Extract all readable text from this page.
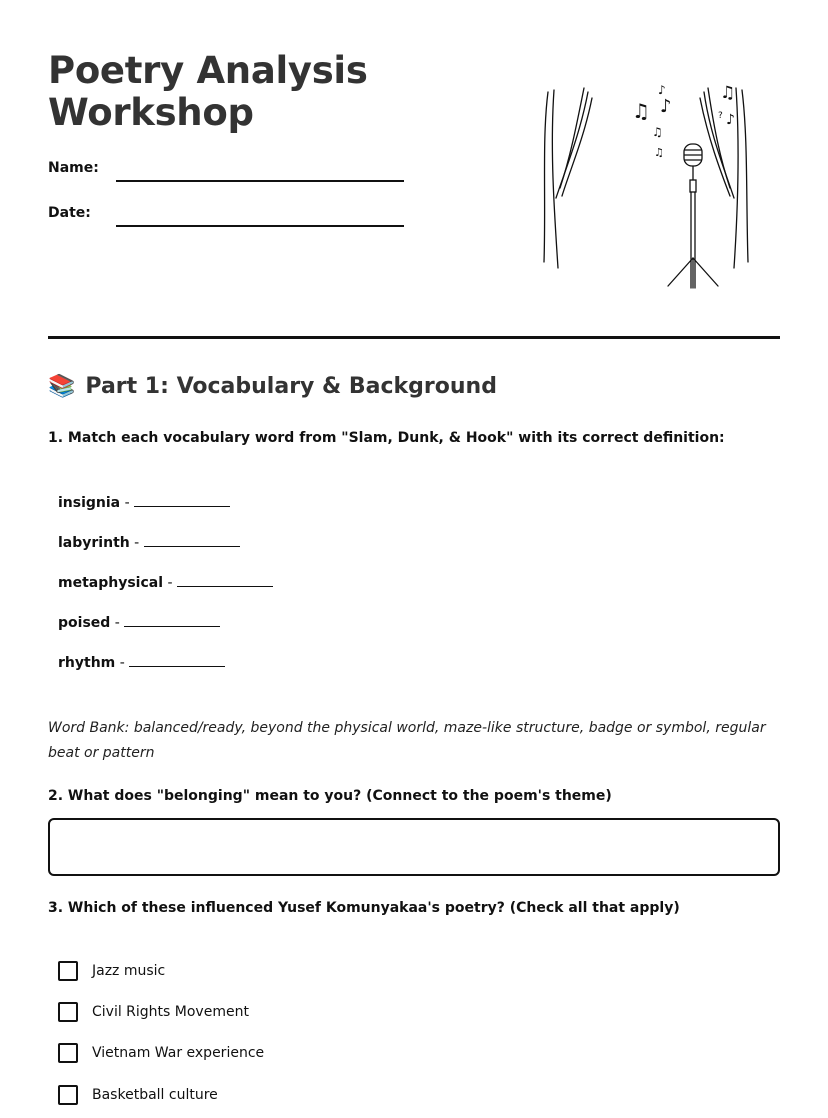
Poetry Analysis
Workshop
Name:
Date:
♫ ♪
♪
♫
♫
♫
♪
?
📚 Part 1: Vocabulary & Background
1. Match each vocabulary word from "Slam, Dunk, & Hook" with its correct definition:
insignia -
labyrinth -
metaphysical -
poised -
rhythm -
Word Bank: balanced/ready, beyond the physical world, maze-like structure, badge or symbol, regular beat or pattern
2. What does "belonging" mean to you? (Connect to the poem's theme)
3. Which of these influenced Yusef Komunyakaa's poetry? (Check all that apply)
Jazz music
Civil Rights Movement
Vietnam War experience
Basketball culture
